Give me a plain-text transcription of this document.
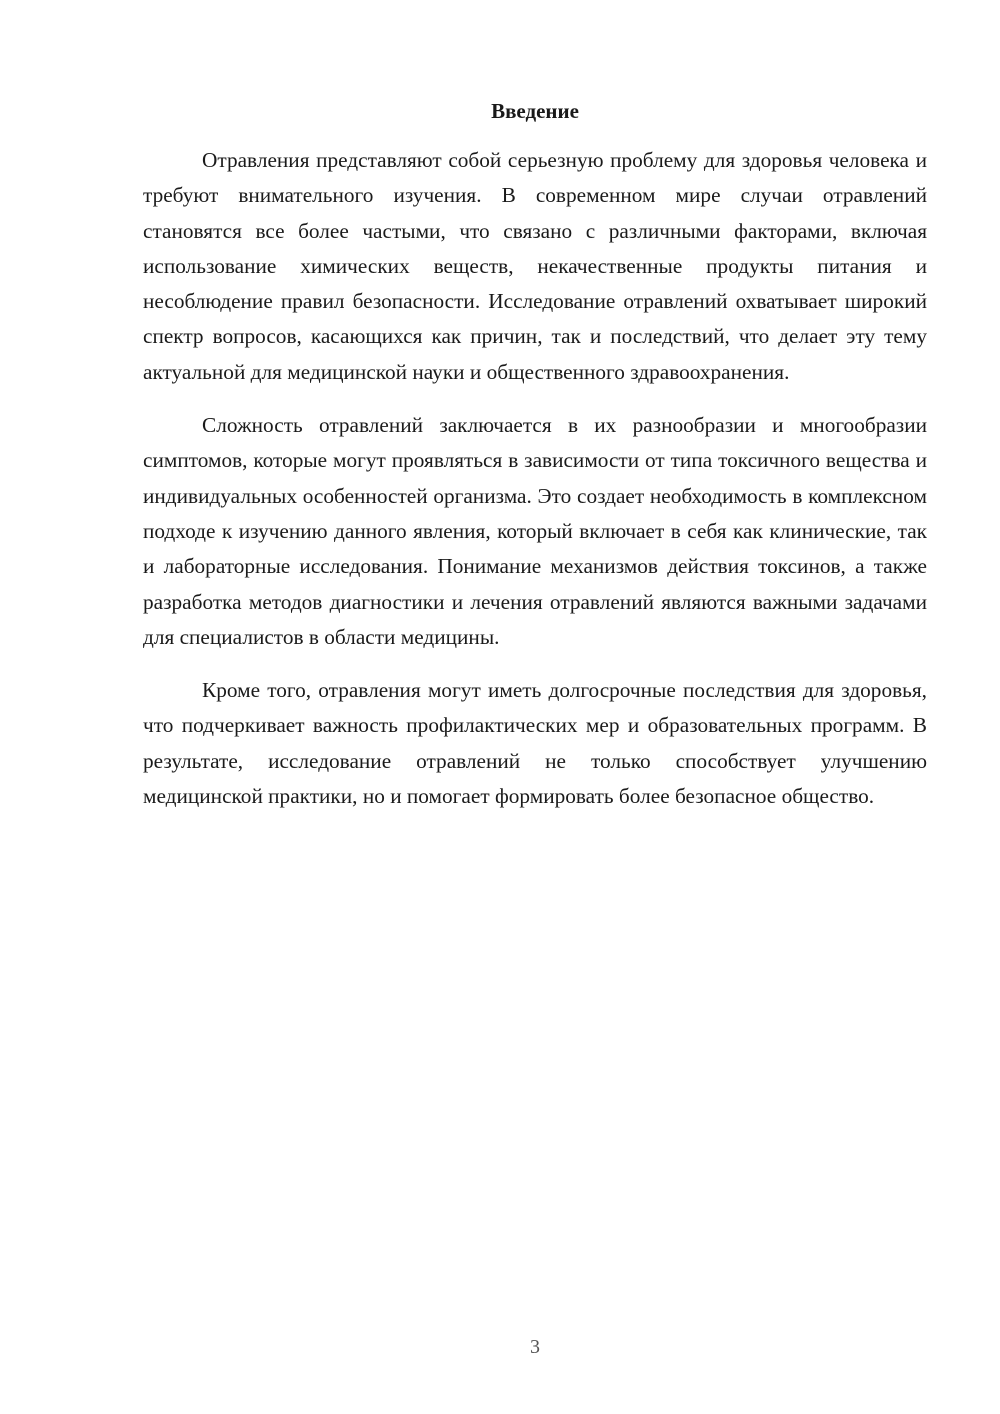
Введение

Отравления представляют собой серьезную проблему для здоровья человека и требуют внимательного изучения. В современном мире случаи отравлений становятся все более частыми, что связано с различными факторами, включая использование химических веществ, некачественные продукты питания и несоблюдение правил безопасности. Исследование отравлений охватывает широкий спектр вопросов, касающихся как причин, так и последствий, что делает эту тему актуальной для медицинской науки и общественного здравоохранения.

Сложность отравлений заключается в их разнообразии и многообразии симптомов, которые могут проявляться в зависимости от типа токсичного вещества и индивидуальных особенностей организма. Это создает необходимость в комплексном подходе к изучению данного явления, который включает в себя как клинические, так и лабораторные исследования. Понимание механизмов действия токсинов, а также разработка методов диагностики и лечения отравлений являются важными задачами для специалистов в области медицины.

Кроме того, отравления могут иметь долгосрочные последствия для здоровья, что подчеркивает важность профилактических мер и образовательных программ. В результате, исследование отравлений не только способствует улучшению медицинской практики, но и помогает формировать более безопасное общество.

3
